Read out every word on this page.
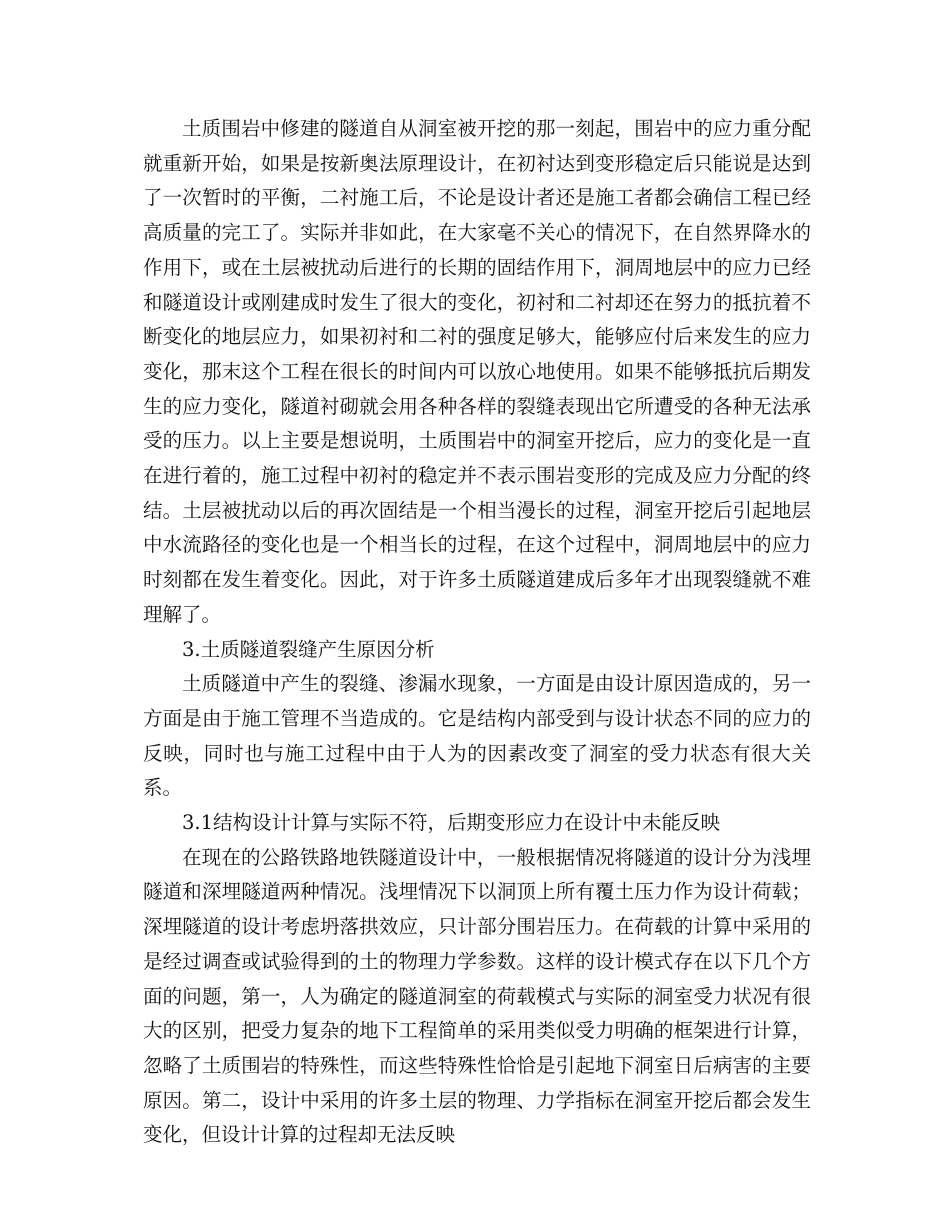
土质围岩中修建的隧道自从洞室被开挖的那一刻起，围岩中的应力重分配就重新开始，如果是按新奥法原理设计，在初衬达到变形稳定后只能说是达到了一次暂时的平衡，二衬施工后，不论是设计者还是施工者都会确信工程已经高质量的完工了。实际并非如此，在大家毫不关心的情况下，在自然界降水的作用下，或在土层被扰动后进行的长期的固结作用下，洞周地层中的应力已经和隧道设计或刚建成时发生了很大的变化，初衬和二衬却还在努力的抵抗着不断变化的地层应力，如果初衬和二衬的强度足够大，能够应付后来发生的应力变化，那末这个工程在很长的时间内可以放心地使用。如果不能够抵抗后期发生的应力变化，隧道衬砌就会用各种各样的裂缝表现出它所遭受的各种无法承受的压力。以上主要是想说明，土质围岩中的洞室开挖后，应力的变化是一直在进行着的，施工过程中初衬的稳定并不表示围岩变形的完成及应力分配的终结。土层被扰动以后的再次固结是一个相当漫长的过程，洞室开挖后引起地层中水流路径的变化也是一个相当长的过程，在这个过程中，洞周地层中的应力时刻都在发生着变化。因此，对于许多土质隧道建成后多年才出现裂缝就不难理解了。

3.土质隧道裂缝产生原因分析

土质隧道中产生的裂缝、渗漏水现象，一方面是由设计原因造成的，另一方面是由于施工管理不当造成的。它是结构内部受到与设计状态不同的应力的反映，同时也与施工过程中由于人为的因素改变了洞室的受力状态有很大关系。

3.1结构设计计算与实际不符，后期变形应力在设计中未能反映

在现在的公路铁路地铁隧道设计中，一般根据情况将隧道的设计分为浅埋隧道和深埋隧道两种情况。浅埋情况下以洞顶上所有覆土压力作为设计荷载；深埋隧道的设计考虑坍落拱效应，只计部分围岩压力。在荷载的计算中采用的是经过调查或试验得到的土的物理力学参数。这样的设计模式存在以下几个方面的问题，第一，人为确定的隧道洞室的荷载模式与实际的洞室受力状况有很大的区别，把受力复杂的地下工程简单的采用类似受力明确的框架进行计算，忽略了土质围岩的特殊性，而这些特殊性恰恰是引起地下洞室日后病害的主要原因。第二，设计中采用的许多土层的物理、力学指标在洞室开挖后都会发生变化，但设计计算的过程却无法反映
